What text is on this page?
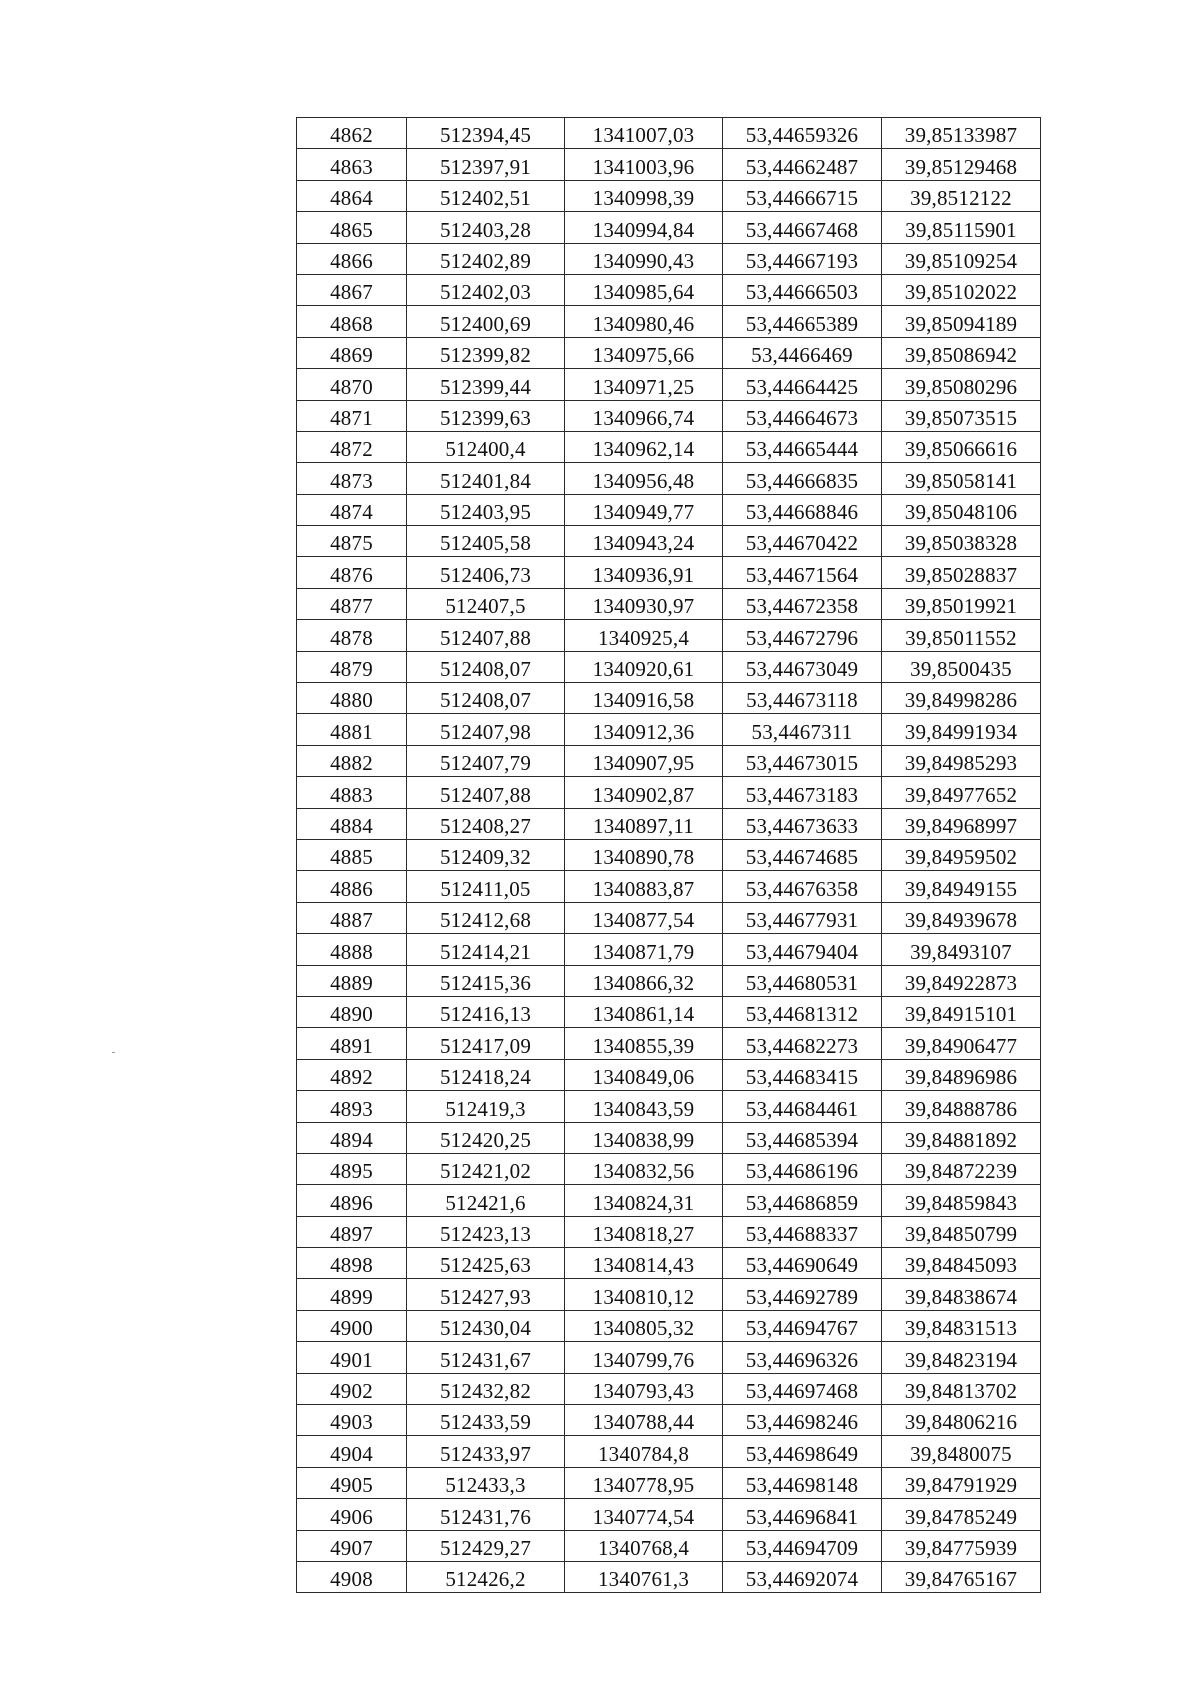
4862	512394,45	1341007,03	53,44659326	39,85133987
4863	512397,91	1341003,96	53,44662487	39,85129468
4864	512402,51	1340998,39	53,44666715	39,8512122
4865	512403,28	1340994,84	53,44667468	39,85115901
4866	512402,89	1340990,43	53,44667193	39,85109254
4867	512402,03	1340985,64	53,44666503	39,85102022
4868	512400,69	1340980,46	53,44665389	39,85094189
4869	512399,82	1340975,66	53,4466469	39,85086942
4870	512399,44	1340971,25	53,44664425	39,85080296
4871	512399,63	1340966,74	53,44664673	39,85073515
4872	512400,4	1340962,14	53,44665444	39,85066616
4873	512401,84	1340956,48	53,44666835	39,85058141
4874	512403,95	1340949,77	53,44668846	39,85048106
4875	512405,58	1340943,24	53,44670422	39,85038328
4876	512406,73	1340936,91	53,44671564	39,85028837
4877	512407,5	1340930,97	53,44672358	39,85019921
4878	512407,88	1340925,4	53,44672796	39,85011552
4879	512408,07	1340920,61	53,44673049	39,8500435
4880	512408,07	1340916,58	53,44673118	39,84998286
4881	512407,98	1340912,36	53,4467311	39,84991934
4882	512407,79	1340907,95	53,44673015	39,84985293
4883	512407,88	1340902,87	53,44673183	39,84977652
4884	512408,27	1340897,11	53,44673633	39,84968997
4885	512409,32	1340890,78	53,44674685	39,84959502
4886	512411,05	1340883,87	53,44676358	39,84949155
4887	512412,68	1340877,54	53,44677931	39,84939678
4888	512414,21	1340871,79	53,44679404	39,8493107
4889	512415,36	1340866,32	53,44680531	39,84922873
4890	512416,13	1340861,14	53,44681312	39,84915101
4891	512417,09	1340855,39	53,44682273	39,84906477
4892	512418,24	1340849,06	53,44683415	39,84896986
4893	512419,3	1340843,59	53,44684461	39,84888786
4894	512420,25	1340838,99	53,44685394	39,84881892
4895	512421,02	1340832,56	53,44686196	39,84872239
4896	512421,6	1340824,31	53,44686859	39,84859843
4897	512423,13	1340818,27	53,44688337	39,84850799
4898	512425,63	1340814,43	53,44690649	39,84845093
4899	512427,93	1340810,12	53,44692789	39,84838674
4900	512430,04	1340805,32	53,44694767	39,84831513
4901	512431,67	1340799,76	53,44696326	39,84823194
4902	512432,82	1340793,43	53,44697468	39,84813702
4903	512433,59	1340788,44	53,44698246	39,84806216
4904	512433,97	1340784,8	53,44698649	39,8480075
4905	512433,3	1340778,95	53,44698148	39,84791929
4906	512431,76	1340774,54	53,44696841	39,84785249
4907	512429,27	1340768,4	53,44694709	39,84775939
4908	512426,2	1340761,3	53,44692074	39,84765167
